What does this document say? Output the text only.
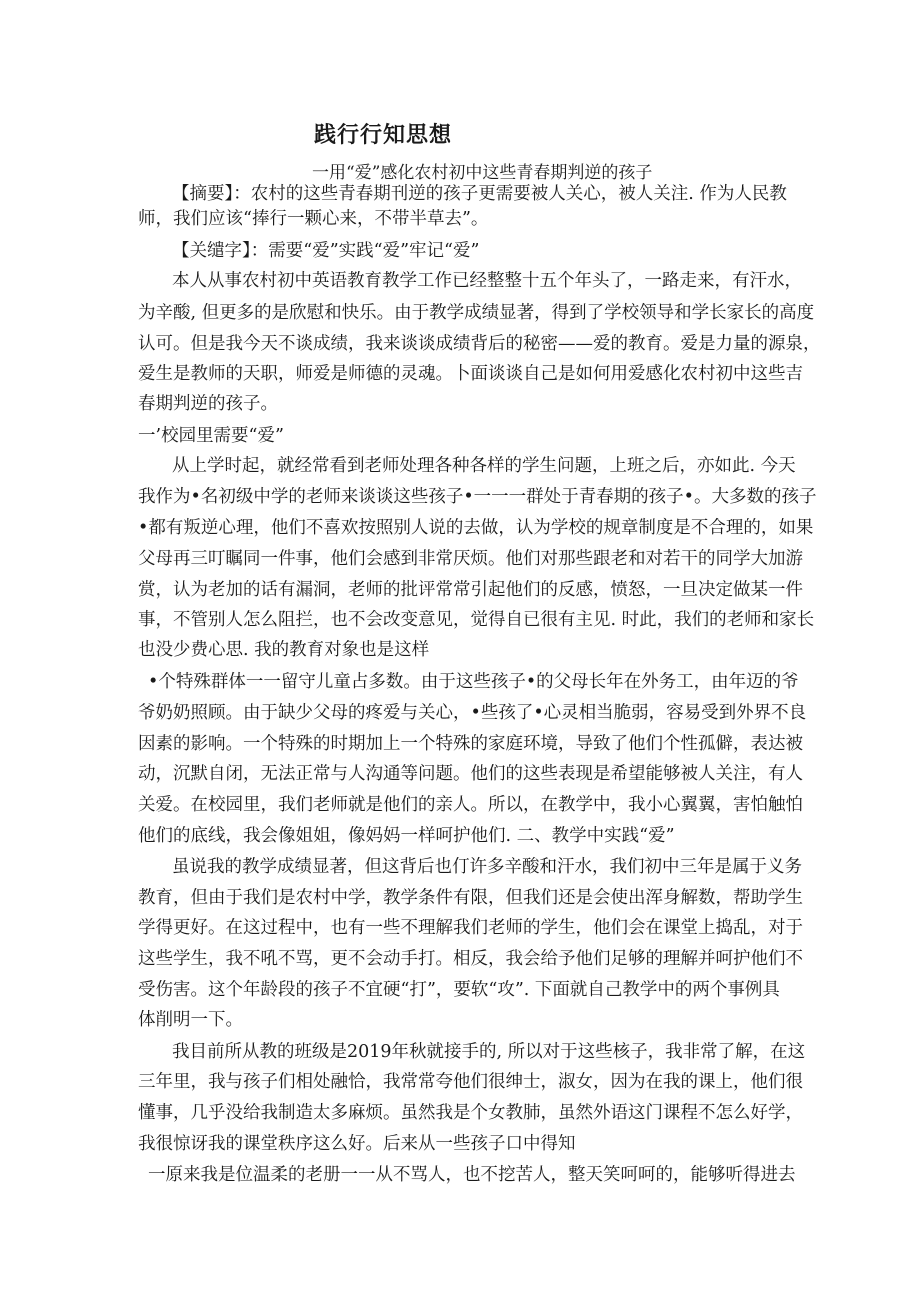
践行行知思想

一用“爱”感化农村初中这些青春期判逆的孩子

【摘要】：农村的这些青春期刊逆的孩子更需要被人关心，被人关注. 作为人民教

师，我们应该“捧行一颗心来，不带半草去”。

【关缱字】：需要“爱”实践“爱”牢记“爱”

本人从事农村初中英语教育教学工作已经整整十五个年头了，一路走来，有汗水，

为辛酸, 但更多的是欣慰和快乐。由于教学成绩显著，得到了学校领导和学长家长的高度

认可。但是我今天不谈成绩，我来谈谈成绩背后的秘密——爱的教育。爱是力量的源泉，

爱生是教师的天职，师爱是师德的灵魂。卜面谈谈自己是如何用爱感化农村初中这些吉

春期判逆的孩子。

一’校园里需要“爱”

从上学时起，就经常看到老师处理各种各样的学生问题，上班之后，亦如此. 今天

我作为•名初级中学的老师来谈谈这些孩子•一一一群处于青春期的孩子•。大多数的孩子

•都有叛逆心理，他们不喜欢按照别人说的去做，认为学校的规章制度是不合理的，如果

父母再三叮瞩同一件事，他们会感到非常厌烦。他们对那些跟老和对若干的同学大加游

赏，认为老加的话有漏洞，老师的批评常常引起他们的反感，愤怒，一旦决定做某一件

事，不管别人怎么阻拦，也不会改变意见，觉得自已很有主见. 时此，我们的老师和家长

也没少费心思. 我的教育对象也是这样

•个特殊群体一一留守儿童占多数。由于这些孩子•的父母长年在外务工，由年迈的爷

爷奶奶照顾。由于缺少父母的疼爱与关心，•些孩了•心灵相当脆弱，容易受到外界不良

因素的影响。一个特殊的时期加上一个特殊的家庭环境，导致了他们个性孤僻，表达被

动，沉默自闭，无法正常与人沟通等问题。他们的这些表现是希望能够被人关注，有人

关爱。在校园里，我们老师就是他们的亲人。所以，在教学中，我小心翼翼，害怕触怕

他们的底线，我会像姐姐，像妈妈一样呵护他们. 二、教学中实践“爱”

虽说我的教学成绩显著，但这背后也仃许多辛酸和汗水，我们初中三年是属于义务

教育，但由于我们是农村中学，教学条件有限，但我们还是会使出浑身解数，帮助学生

学得更好。在这过程中，也有一些不理解我们老师的学生，他们会在课堂上捣乱，对于

这些学生，我不吼不骂，更不会动手打。相反，我会给予他们足够的理解并呵护他们不

受伤害。这个年龄段的孩子不宜硬“打”，要软“攻”. 下面就自己教学中的两个事例具

体削明一下。

我目前所从教的班级是2019年秋就接手的, 所以对于这些核子，我非常了解，在这

三年里，我与孩子们相处融恰，我常常夸他们很绅士，淑女，因为在我的课上，他们很

懂事，几乎没给我制造太多麻烦。虽然我是个女教肺，虽然外语这门课程不怎么好学，

我很惊讶我的课堂秩序这么好。后来从一些孩子口中得知

一原来我是位温柔的老册一一从不骂人，也不挖苦人，整天笑呵呵的，能够听得进去
